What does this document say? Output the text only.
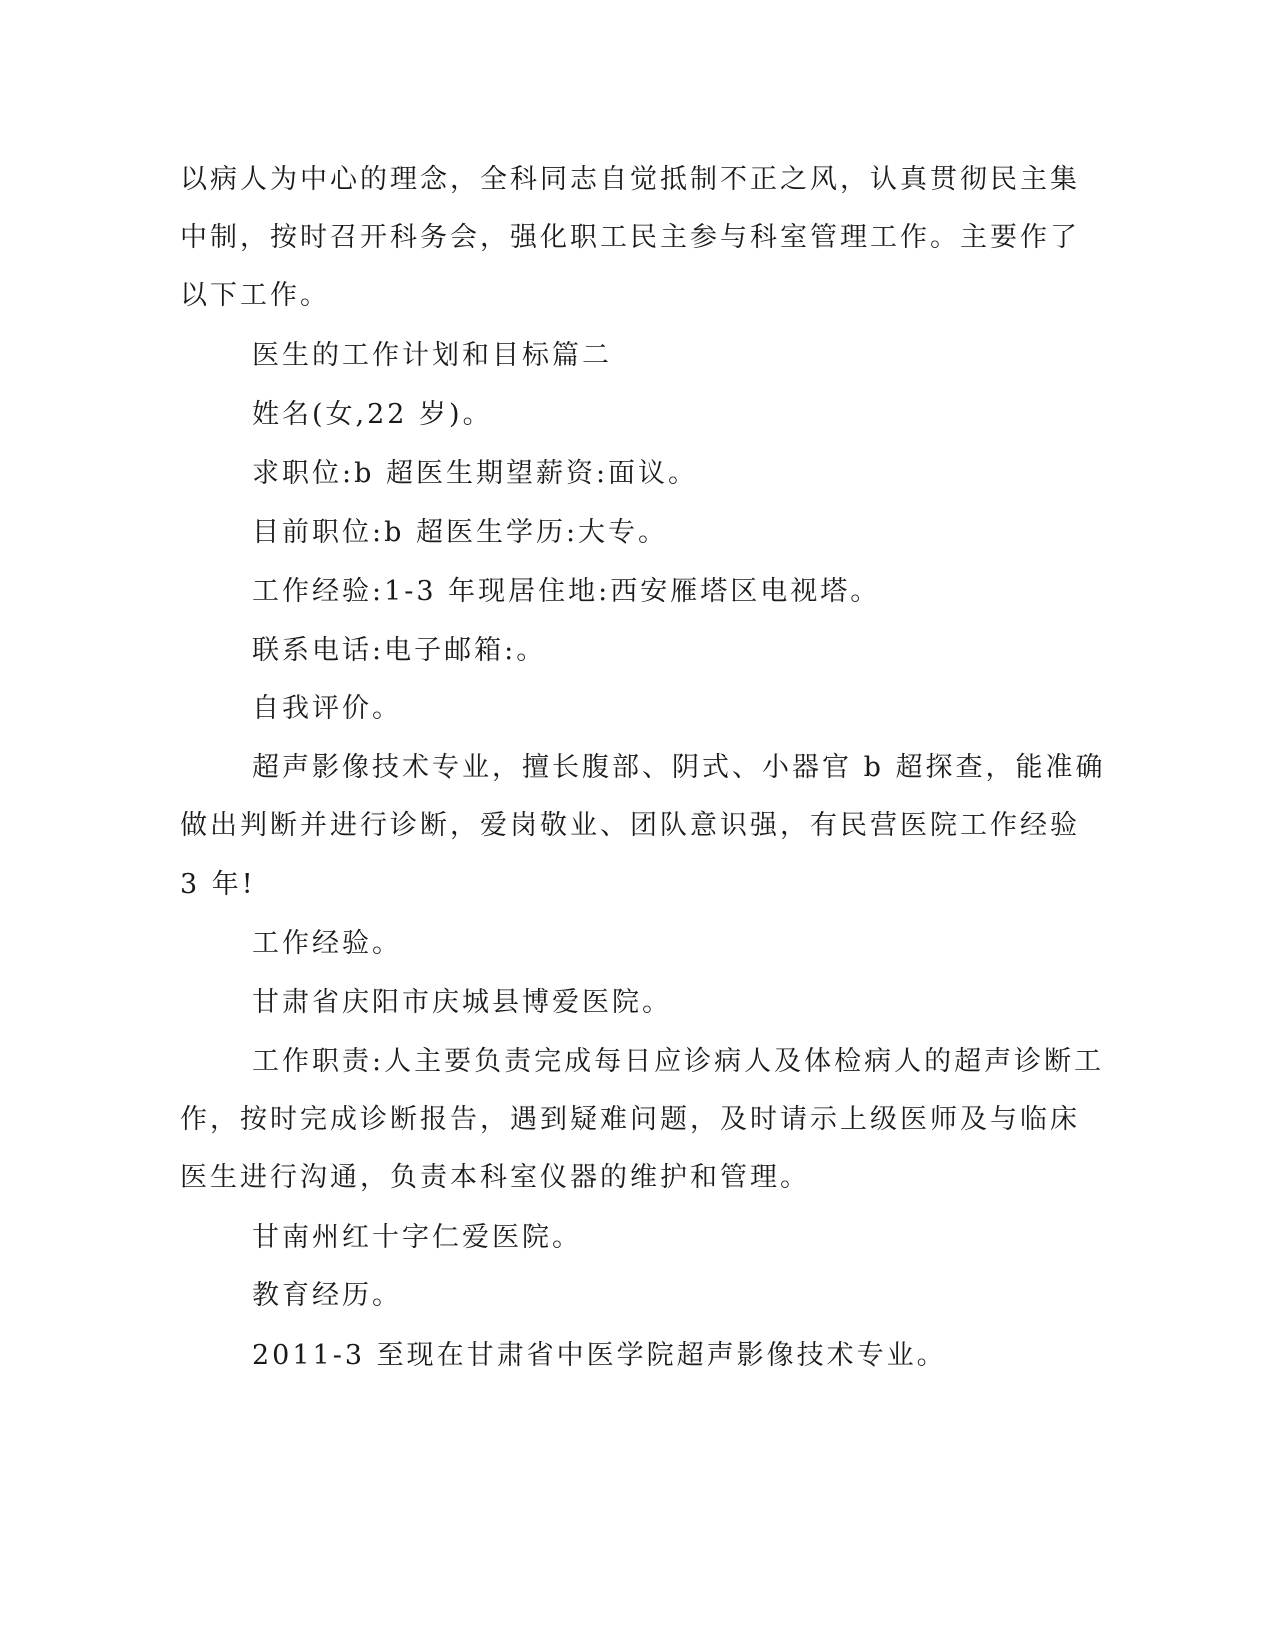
以病人为中心的理念，全科同志自觉抵制不正之风，认真贯彻民主集
中制，按时召开科务会，强化职工民主参与科室管理工作。主要作了
以下工作。
医生的工作计划和目标篇二
姓名(女,22 岁)。
求职位:b 超医生期望薪资:面议。
目前职位:b 超医生学历:大专。
工作经验:1-3 年现居住地:西安雁塔区电视塔。
联系电话:电子邮箱:。
自我评价。
超声影像技术专业，擅长腹部、阴式、小器官 b 超探查，能准确
做出判断并进行诊断，爱岗敬业、团队意识强，有民营医院工作经验
3 年!
工作经验。
甘肃省庆阳市庆城县博爱医院。
工作职责:人主要负责完成每日应诊病人及体检病人的超声诊断工
作，按时完成诊断报告，遇到疑难问题，及时请示上级医师及与临床
医生进行沟通，负责本科室仪器的维护和管理。
甘南州红十字仁爱医院。
教育经历。
2011-3 至现在甘肃省中医学院超声影像技术专业。
